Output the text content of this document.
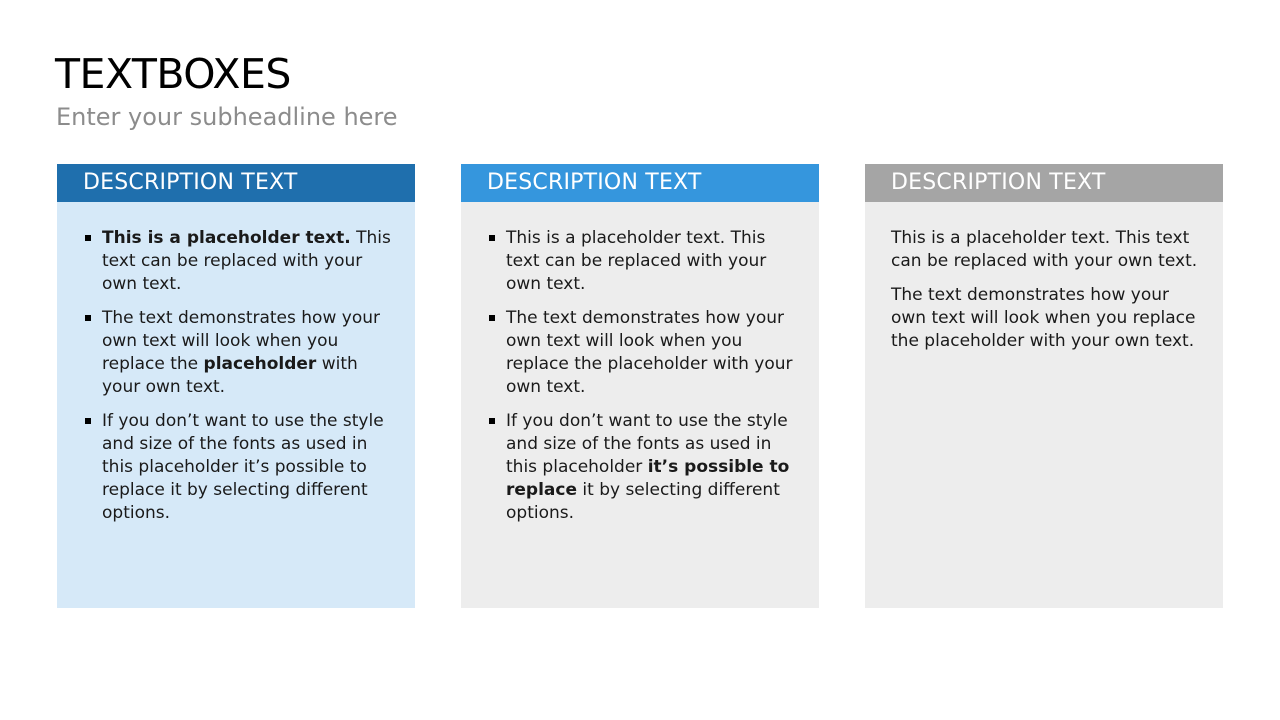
TEXTBOXES
Enter your subheadline here
DESCRIPTION TEXT
This is a placeholder text. This text can be replaced with your own text.
The text demonstrates how your own text will look when you replace the placeholder with your own text.
If you don’t want to use the style and size of the fonts as used in this placeholder it’s possible to replace it by selecting different options.
DESCRIPTION TEXT
This is a placeholder text. This text can be replaced with your own text.
The text demonstrates how your own text will look when you replace the placeholder with your own text.
If you don’t want to use the style and size of the fonts as used in this placeholder it’s possible to replace it by selecting different options.
DESCRIPTION TEXT

This is a placeholder text. This text can be replaced with your own text.

The text demonstrates how your own text will look when you replace the placeholder with your own text.
